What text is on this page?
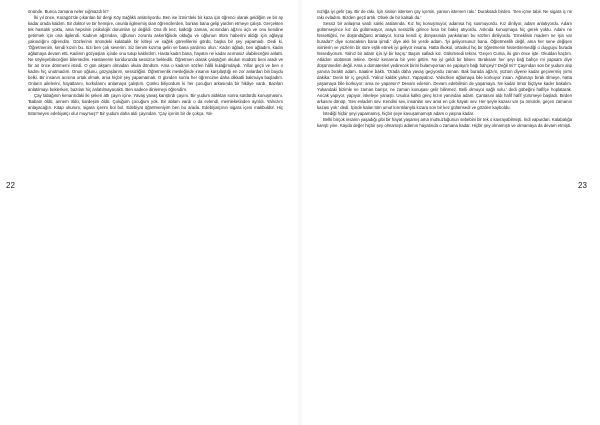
22

önünde. Bunca zamana neler sığmazdı ki?

İki yıl önce, Karagöz'de çıkarılan bir dergi Köy Sağlıklı anlatılıyordu. Ben ise İzmir'deki bir kaza için öğrenci olarak geldiğim ve bir ay kadar orada kaldım. Bir doktor ve bir hemşire, onunla ilgilenmiş olan öğrencilerden, bunları bana gelip yardım etmeye çalıştı. Gerçekten tek hastalık yoktu, ama hepsinin psikolojik durumları iyi değildi. Ona ilk kez, kalktığı zaman, acısından ağzını açtı ve onu kendine getirmek için ona ilgilendi. Kadının ağzından, oğlunun zorunlu askerliğinde olduğu ve oğlunun ölüm haberini aldığı için ağlayıp yakındığını öğrendim. Gözlerinin önündeki kalabalık bir kitleyi ve sağlık görevlilerini gördü, başka bir şey yapamadı. Dedi ki, 'Öğretmenim, kendi kızım bu. Sizi ben çok severim. Siz benim kızıma gelin ve bana yardımcı olun.' Kadın ağladı, ben ağladım, kadın ağlamaya devam etti. Kadının gözyaşları içinde onu tutup kaldırdım. Hasta kadın bana, hayatın ne kadar acımasız olabileceğini anlattı. Ne söyleyebileceğimi bilemedim. Hastanenin koridorunda sessizce bekledik. Öğretmen olarak çalıştığım okulun müdürü beni aradı ve bir an önce dönmemi istedi. O gün akşam olmadan okula döndüm. Ama o kadının sözleri hâlâ kulağımdaydı. Yıllar geçti ve ben o kadını hiç unutmadım. Onun oğlunu, gözyaşlarını, sessizliğini. Öğretmenlik mesleğinde insanın karşılaştığı en zor anlardan biri buydu belki. Bir insanın acısına ortak olmak, ama hiçbir şey yapamamak. O günden sonra her öğrencime daha dikkatli bakmaya başladım. Onların ailelerini, hayatlarını, korkularını anlamaya çalıştım. Çünkü biliyordum ki her çocuğun arkasında bir hikâye vardı. Bazıları anlatılmayı beklerken, bazıları hiç anlatılmayacaktı. Ben sadece dinlemeyi öğrendim.

Çay tabağının kenarındaki iki şekeri attı çayın içine. Yavaş yavaş karıştırdı çayını. Bir yudum aldıktan sonra sürdürdü konuşmasını. 'Babam öldü, annem öldü, kardeşim öldü. Çoluğum çocuğum yok. Bir ablam vardı o da evlendi, memleketinden ayrıldı. Yalnızım anlayacağın. Kitap okurum, sigara içerim bol bol. Edebiyat öğretmeniyim ben bu arada. Edebiyatçının sigara içeni makbuldür. Hiç tütürmeyen edebiyatçı olur muymuş?' Bir yudum daha aldı çayından. 'Çay içerim bir de çokça. Yal-

nızlığa iyi gelir çay. Bir de rakı. İçin sisinin istersen çay içersin, yarısın istersen rakı.' Duraksadı birden. 'Sen içme tabii. Ne sigara iç ne rakı evladım. Bizden geçti artık. Olsek de bir kalsak da.'

Sessiz bir anlaşma vardı sanki aralarında. Kız hiç konuşmuyor, adamsa hiç susmuyordu. Kız dinliyor, adam anlatıyordu. Adam gülümseyince kız da gülümsüyor, araya sessizlik girince kısa bir bakış atıyordu. Aslında konuşmaya hiç gerek yoktu. Adam ne hissettiğini, ne düşündüğünü anlatıyor, kızsa kendi iç dünyasında yankılanan bu sözleri dinliyordu. 'Emeklisin madem ne işin var burada?' diye soracaksın bana şimdi.' diye aklı bir yerde adam. 'İyi geliyorsunuz bana. Öğretmenlik değil, ama her sene değişen isimlerin ve yüzlerin bir süre eşlik etmek iyi geliyor insana. Hatta ilkokul, ortaokul hiç bir öğretmenin hissettiremediği o duyguyu burada hissediyorum. Yalnız bir adam için iyi bir kaçış.' Başını salladı kız. Gülümsedi tekrar. 'Geçen Cuma, iki gün önce işte. Okuldan kaçtım. Atladım otobüsün tekine. Deniz kenarına bir yere gittim. Ne iyi geldi bir bilsen. Bıraksam her şeyi bağ bahçe mi yapsam diye düşünmedim değil. Ama o domatesleri yedirecek birini bulamıyorsan ne yapayım bağı bahçeyi? Değil mi?' Çayından son bir yudum alıp yanına bıraktı adam. Saatine baktı. 'Orada daha yavaş geçiyordu zaman. Bak burada ağzım, yüzüm diyene kadar geçivermiş yirmi dakika.' Derin bir iç geçirdi. 'Yalnız kaldık yalnız. Yapayalnız. Yalnızken ağlamaya bile korkuyor insan. Ağlamayı bırak ölmeye, hatta yaşamaya bile korkuyor; ama ne yaparsın? Devam edersin. Devam edebilirsin de yaşamaya. Ne kadar ömür biçtiyse kader bakalım. Yukarıdaki bizimle ne zaman barışır, ne zaman konuşası gelir bilinmez. Belli olmuyor sağlı solu.' dedi göbeğini hafifçe hoplatarak. Ancak yapıyor, yapıyor, iskeleye yanaştı. Usulca kalktı genç kızın yanından adam. Çantasını aldı hafif hafif yürümeye başladı. Birden arkasını dönüp, 'Sev evladım sev. Kendini sev, insanları sev ama en çok hayatı sev. Her şeyin kazası var şu ömürde, geçen zamanın kazası yok.' dedi. İçinde kalan tüm umut kırıntılarıyla kızara son bir kez gülümsedi ve gözden kayboldu.

İstediği hiçbir şeyi yapamamış, hiçbir şeye kavuşamamıştı adam o yaşına kadar.

Belki birçok insanın yaşadığı gibi bir hayat yaşamış ama mutsuzluğunun sebebini bir tek o kavrayabilmişti. İndi vapurdan. Kalabalığa karıştı yine. Kayda değer hiçbir şey olmamıştı adamın hayatında o zamana kadar. Hiçbir şey olmamıştı ve olmamaya da devam etmişti.

23
